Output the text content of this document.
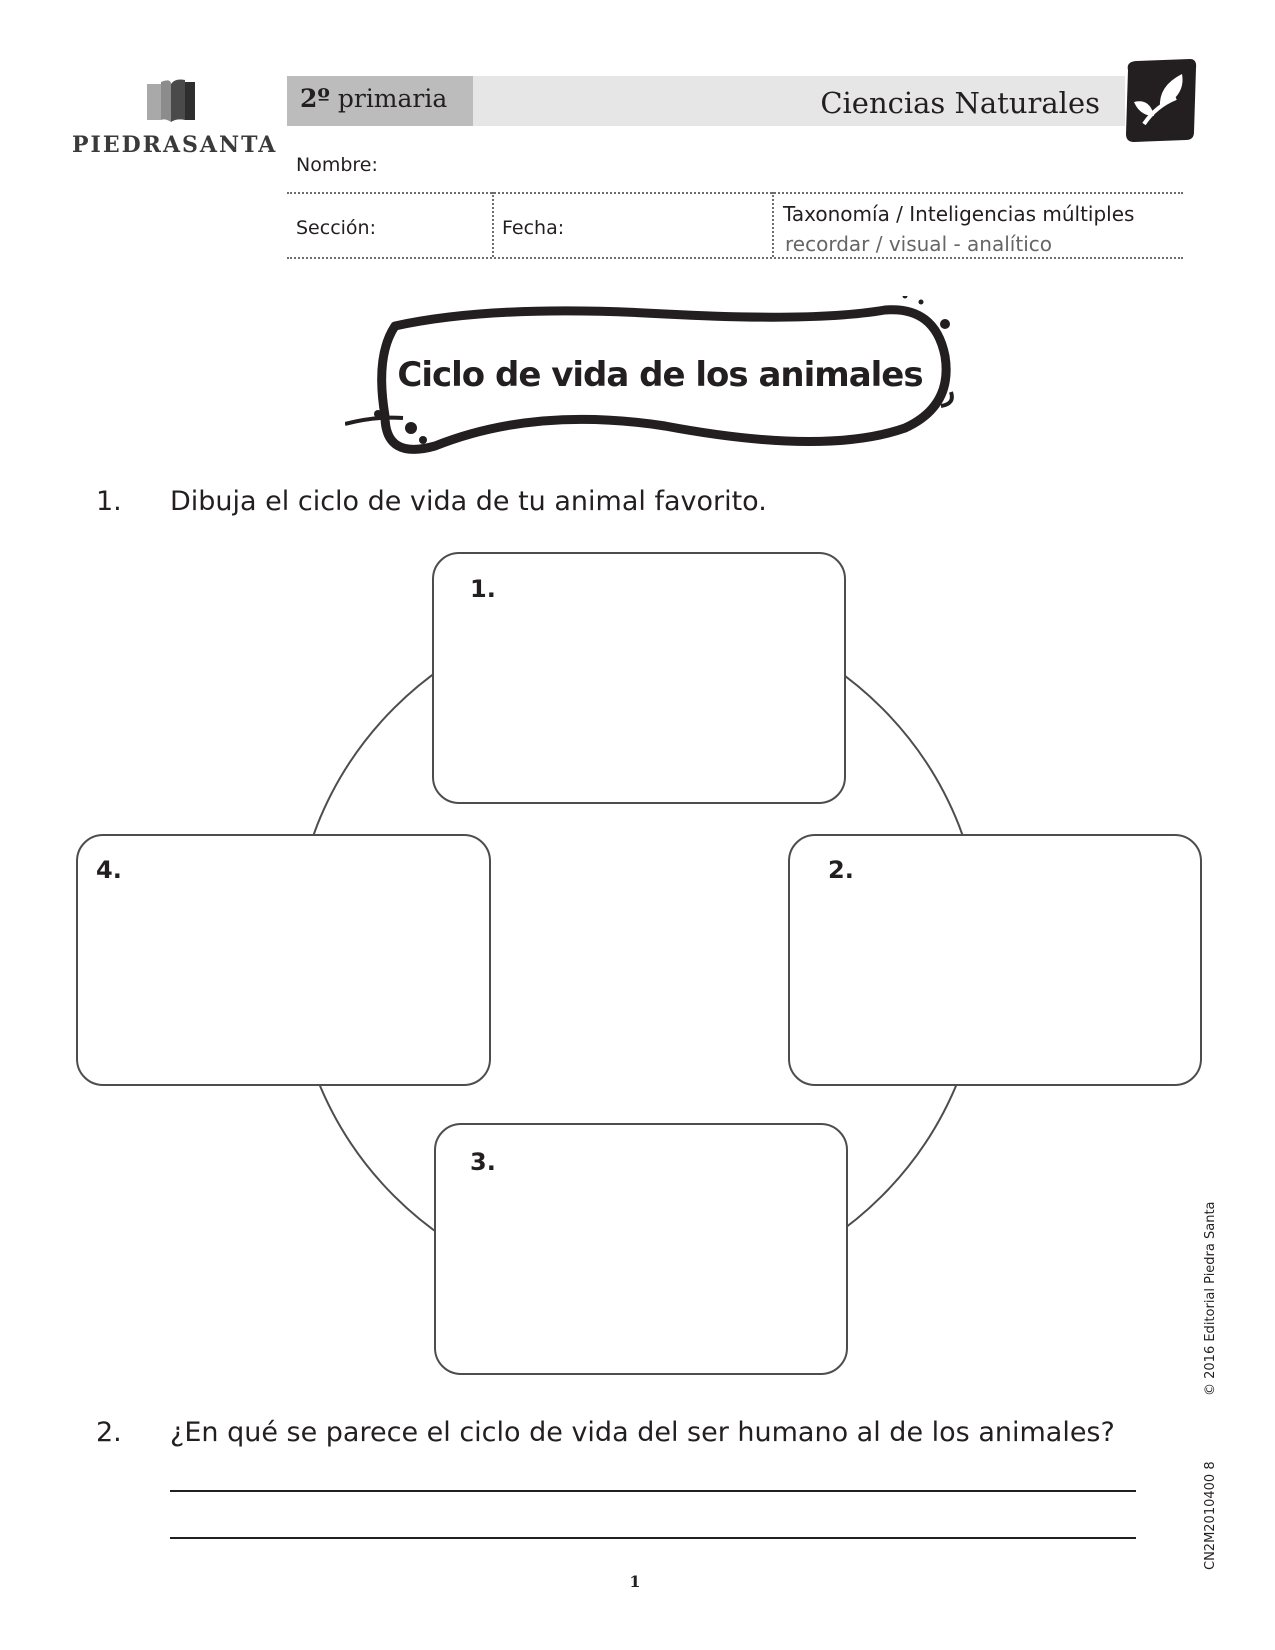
PIEDRASANTA
2º primaria	Ciencias Naturales
Nombre:
Sección:	Fecha:
Taxonomía / Inteligencias múltiples
recordar / visual - analítico
Ciclo de vida de los animales
1. Dibuja el ciclo de vida de tu animal favorito.
1.
2.
3.
4.
2. ¿En qué se parece el ciclo de vida del ser humano al de los animales?
1
© 2016 Editorial Piedra Santa
CN2M2010400 8
